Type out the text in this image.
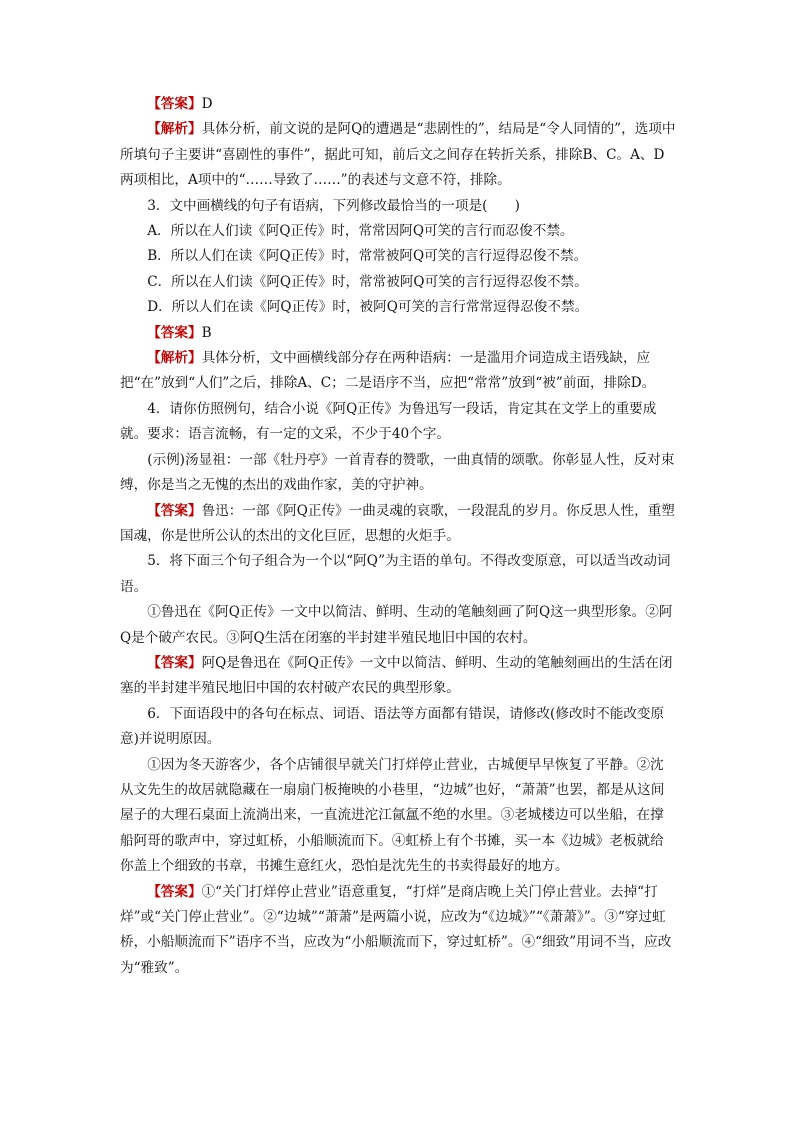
【答案】D

【解析】具体分析，前文说的是阿Q的遭遇是“悲剧性的”，结局是“令人同情的”，选项中所填句子主要讲“喜剧性的事件”，据此可知，前后文之间存在转折关系，排除B、C。A、D两项相比，A项中的“……导致了……”的表述与文意不符，排除。

3．文中画横线的句子有语病，下列修改最恰当的一项是(　　)

A．所以在人们读《阿Q正传》时，常常因阿Q可笑的言行而忍俊不禁。

B．所以人们在读《阿Q正传》时，常常被阿Q可笑的言行逗得忍俊不禁。

C．所以在人们读《阿Q正传》时，常常被阿Q可笑的言行逗得忍俊不禁。

D．所以人们在读《阿Q正传》时，被阿Q可笑的言行常常逗得忍俊不禁。

【答案】B

【解析】具体分析，文中画横线部分存在两种语病：一是滥用介词造成主语残缺，应把“在”放到“人们”之后，排除A、C；二是语序不当，应把“常常”放到“被”前面，排除D。

4．请你仿照例句，结合小说《阿Q正传》为鲁迅写一段话，肯定其在文学上的重要成就。要求：语言流畅，有一定的文采，不少于40个字。

(示例)汤显祖：一部《牡丹亭》一首青春的赞歌，一曲真情的颂歌。你彰显人性，反对束缚，你是当之无愧的杰出的戏曲作家，美的守护神。

【答案】鲁迅：一部《阿Q正传》一曲灵魂的哀歌，一段混乱的岁月。你反思人性，重塑国魂，你是世所公认的杰出的文化巨匠，思想的火炬手。

5．将下面三个句子组合为一个以“阿Q”为主语的单句。不得改变原意，可以适当改动词语。

①鲁迅在《阿Q正传》一文中以简洁、鲜明、生动的笔触刻画了阿Q这一典型形象。②阿Q是个破产农民。③阿Q生活在闭塞的半封建半殖民地旧中国的农村。

【答案】阿Q是鲁迅在《阿Q正传》一文中以简洁、鲜明、生动的笔触刻画出的生活在闭塞的半封建半殖民地旧中国的农村破产农民的典型形象。

6．下面语段中的各句在标点、词语、语法等方面都有错误，请修改(修改时不能改变原意)并说明原因。

①因为冬天游客少，各个店铺很早就关门打烊停止营业，古城便早早恢复了平静。②沈从文先生的故居就隐藏在一扇扇门板掩映的小巷里，“边城”也好，“萧萧”也罢，都是从这间屋子的大理石桌面上流淌出来，一直流进沱江氤氲不绝的水里。③老城楼边可以坐船，在撑船阿哥的歌声中，穿过虹桥，小船顺流而下。④虹桥上有个书摊，买一本《边城》老板就给你盖上个细致的书章，书摊生意红火，恐怕是沈先生的书卖得最好的地方。

【答案】①“关门打烊停止营业”语意重复，“打烊”是商店晚上关门停止营业。去掉“打烊”或“关门停止营业”。②“边城”“萧萧”是两篇小说，应改为“《边城》”“《萧萧》”。③“穿过虹桥，小船顺流而下”语序不当，应改为“小船顺流而下，穿过虹桥”。④“细致”用词不当，应改为“雅致”。
